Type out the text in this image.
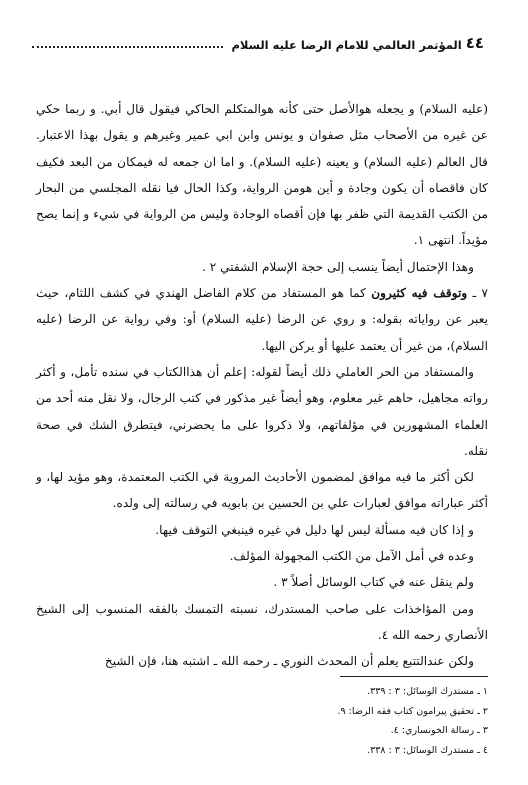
٤٤
المؤتمر العالمي للامام الرضا عليه السلام

(عليه السلام) و يجعله هوالأصل حتى كأنه هوالمتكلم الحاكي فيقول قال أبي. و ربما حكي عن غيره من الأصحاب مثل صفوان و يونس وابن ابي عمير وغيرهم و يقول بهذا الاعتبار. قال العالم (عليه السلام) و يعينه (عليه السلام). و اما ان جمعه له فيمكان من البعد فكيف كان فاقصاه أن يكون وجادة و أين هومن الرواية، وكذا الحال فيا نقله المجلسي من البحار من الكتب القديمة التي ظفر بها فإن أقصاه الوجادة وليس من الرواية في شيء و إنما يصح مؤيداً. انتهى ١.

وهذا الإحتمال أيضاً ينسب إلى حجة الإسلام الشفتي ٢ .

٧ ـ وتوقف فيه كثيرون كما هو المستفاد من كلام الفاضل الهندي في كشف اللثام، حيث يعبر عن رواياته بقوله: و روي عن الرضا (عليه السلام) أو: وفي رواية عن الرضا (عليه السلام)، من غير أن يعتمد عليها أو يركن اليها.

والمستفاد من الحر العاملي ذلك أيضاً لقوله: إعلم أن هذاالكتاب في سنده تأمل، و أكثر رواته مجاهيل، حاهم غير معلوم، وهو أيضاً غير مذكور في كتب الرجال، ولا نقل منه أحد من العلماء المشهورين في مؤلفاتهم، ولا ذكروا على ما يحضرني، فيتطرق الشك في صحة نقله.

لكن أكثر ما فيه موافق لمضمون الأحاديث المروية في الكتب المعتمدة، وهو مؤيد لها، و أكثر عباراته موافق لعبارات علي بن الحسين بن بابويه في رسالته إلى ولده.

و إذا كان فيه مسألة ليس لها دليل في غيره فينبغي التوقف فيها.

وعده في أمل الآمل من الكتب المجهولة المؤلف.

ولم ينقل عنه في كتاب الوسائل أصلاً ٣ .

ومن المؤاخذات على صاحب المستدرك، نسبته التمسك بالفقه المنسوب إلى الشيخ الأنصاري رحمه الله ٤.

ولكن عندالتتبع يعلم أن المحدث النوري ـ رحمه الله ـ اشتبه هنا، فإن الشيخ

١ ـ مستدرك الوسائل: ٣ : ٣٣٩.
٢ ـ تحقيق پيرامون كتاب فقه الرضا: ٩.
٣ ـ رسالة الخونساري: ٤.
٤ ـ مستدرك الوسائل: ٣ : ٣٣٨.
